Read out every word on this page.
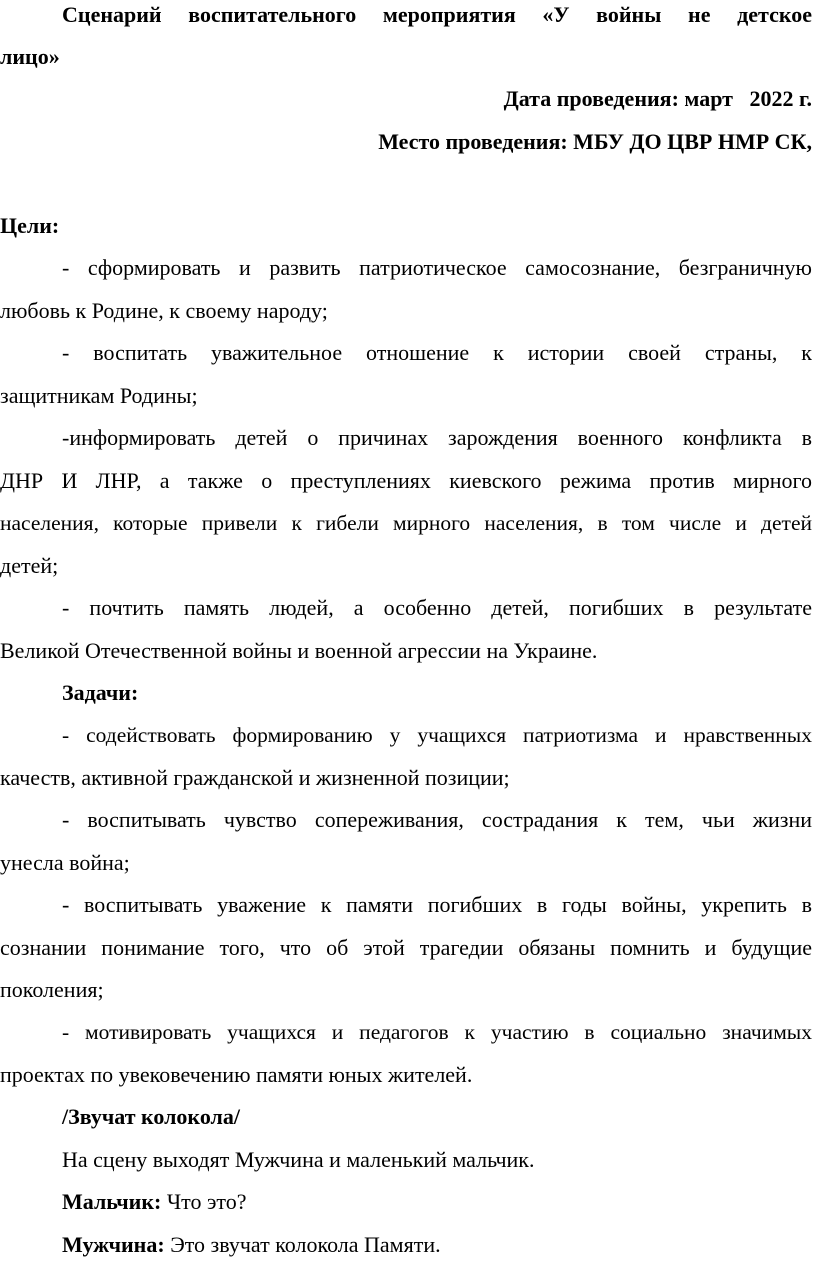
Сценарий воспитательного мероприятия «У войны не детское
лицо»
Дата проведения: март   2022 г.
Место проведения: МБУ ДО ЦВР НМР СК,
Цели:
- сформировать и развить патриотическое самосознание, безграничную
любовь к Родине, к своему народу;
- воспитать уважительное отношение к истории своей страны, к
защитникам Родины;
-информировать детей о причинах зарождения военного конфликта в
ДНР И ЛНР, а также о преступлениях киевского режима против мирного
населения, которые привели к гибели мирного населения, в том числе и детей
детей;
- почтить память людей, а особенно детей, погибших в результате
Великой Отечественной войны и военной агрессии на Украине.
Задачи:
- содействовать формированию у учащихся патриотизма и нравственных
качеств, активной гражданской и жизненной позиции;
- воспитывать чувство сопереживания, сострадания к тем, чьи жизни
унесла война;
- воспитывать уважение к памяти погибших в годы войны, укрепить в
сознании понимание того, что об этой трагедии обязаны помнить и будущие
поколения;
- мотивировать учащихся и педагогов к участию в социально значимых
проектах по увековечению памяти юных жителей.
/Звучат колокола/
На сцену выходят Мужчина и маленький мальчик.
Мальчик: Что это?
Мужчина: Это звучат колокола Памяти.
